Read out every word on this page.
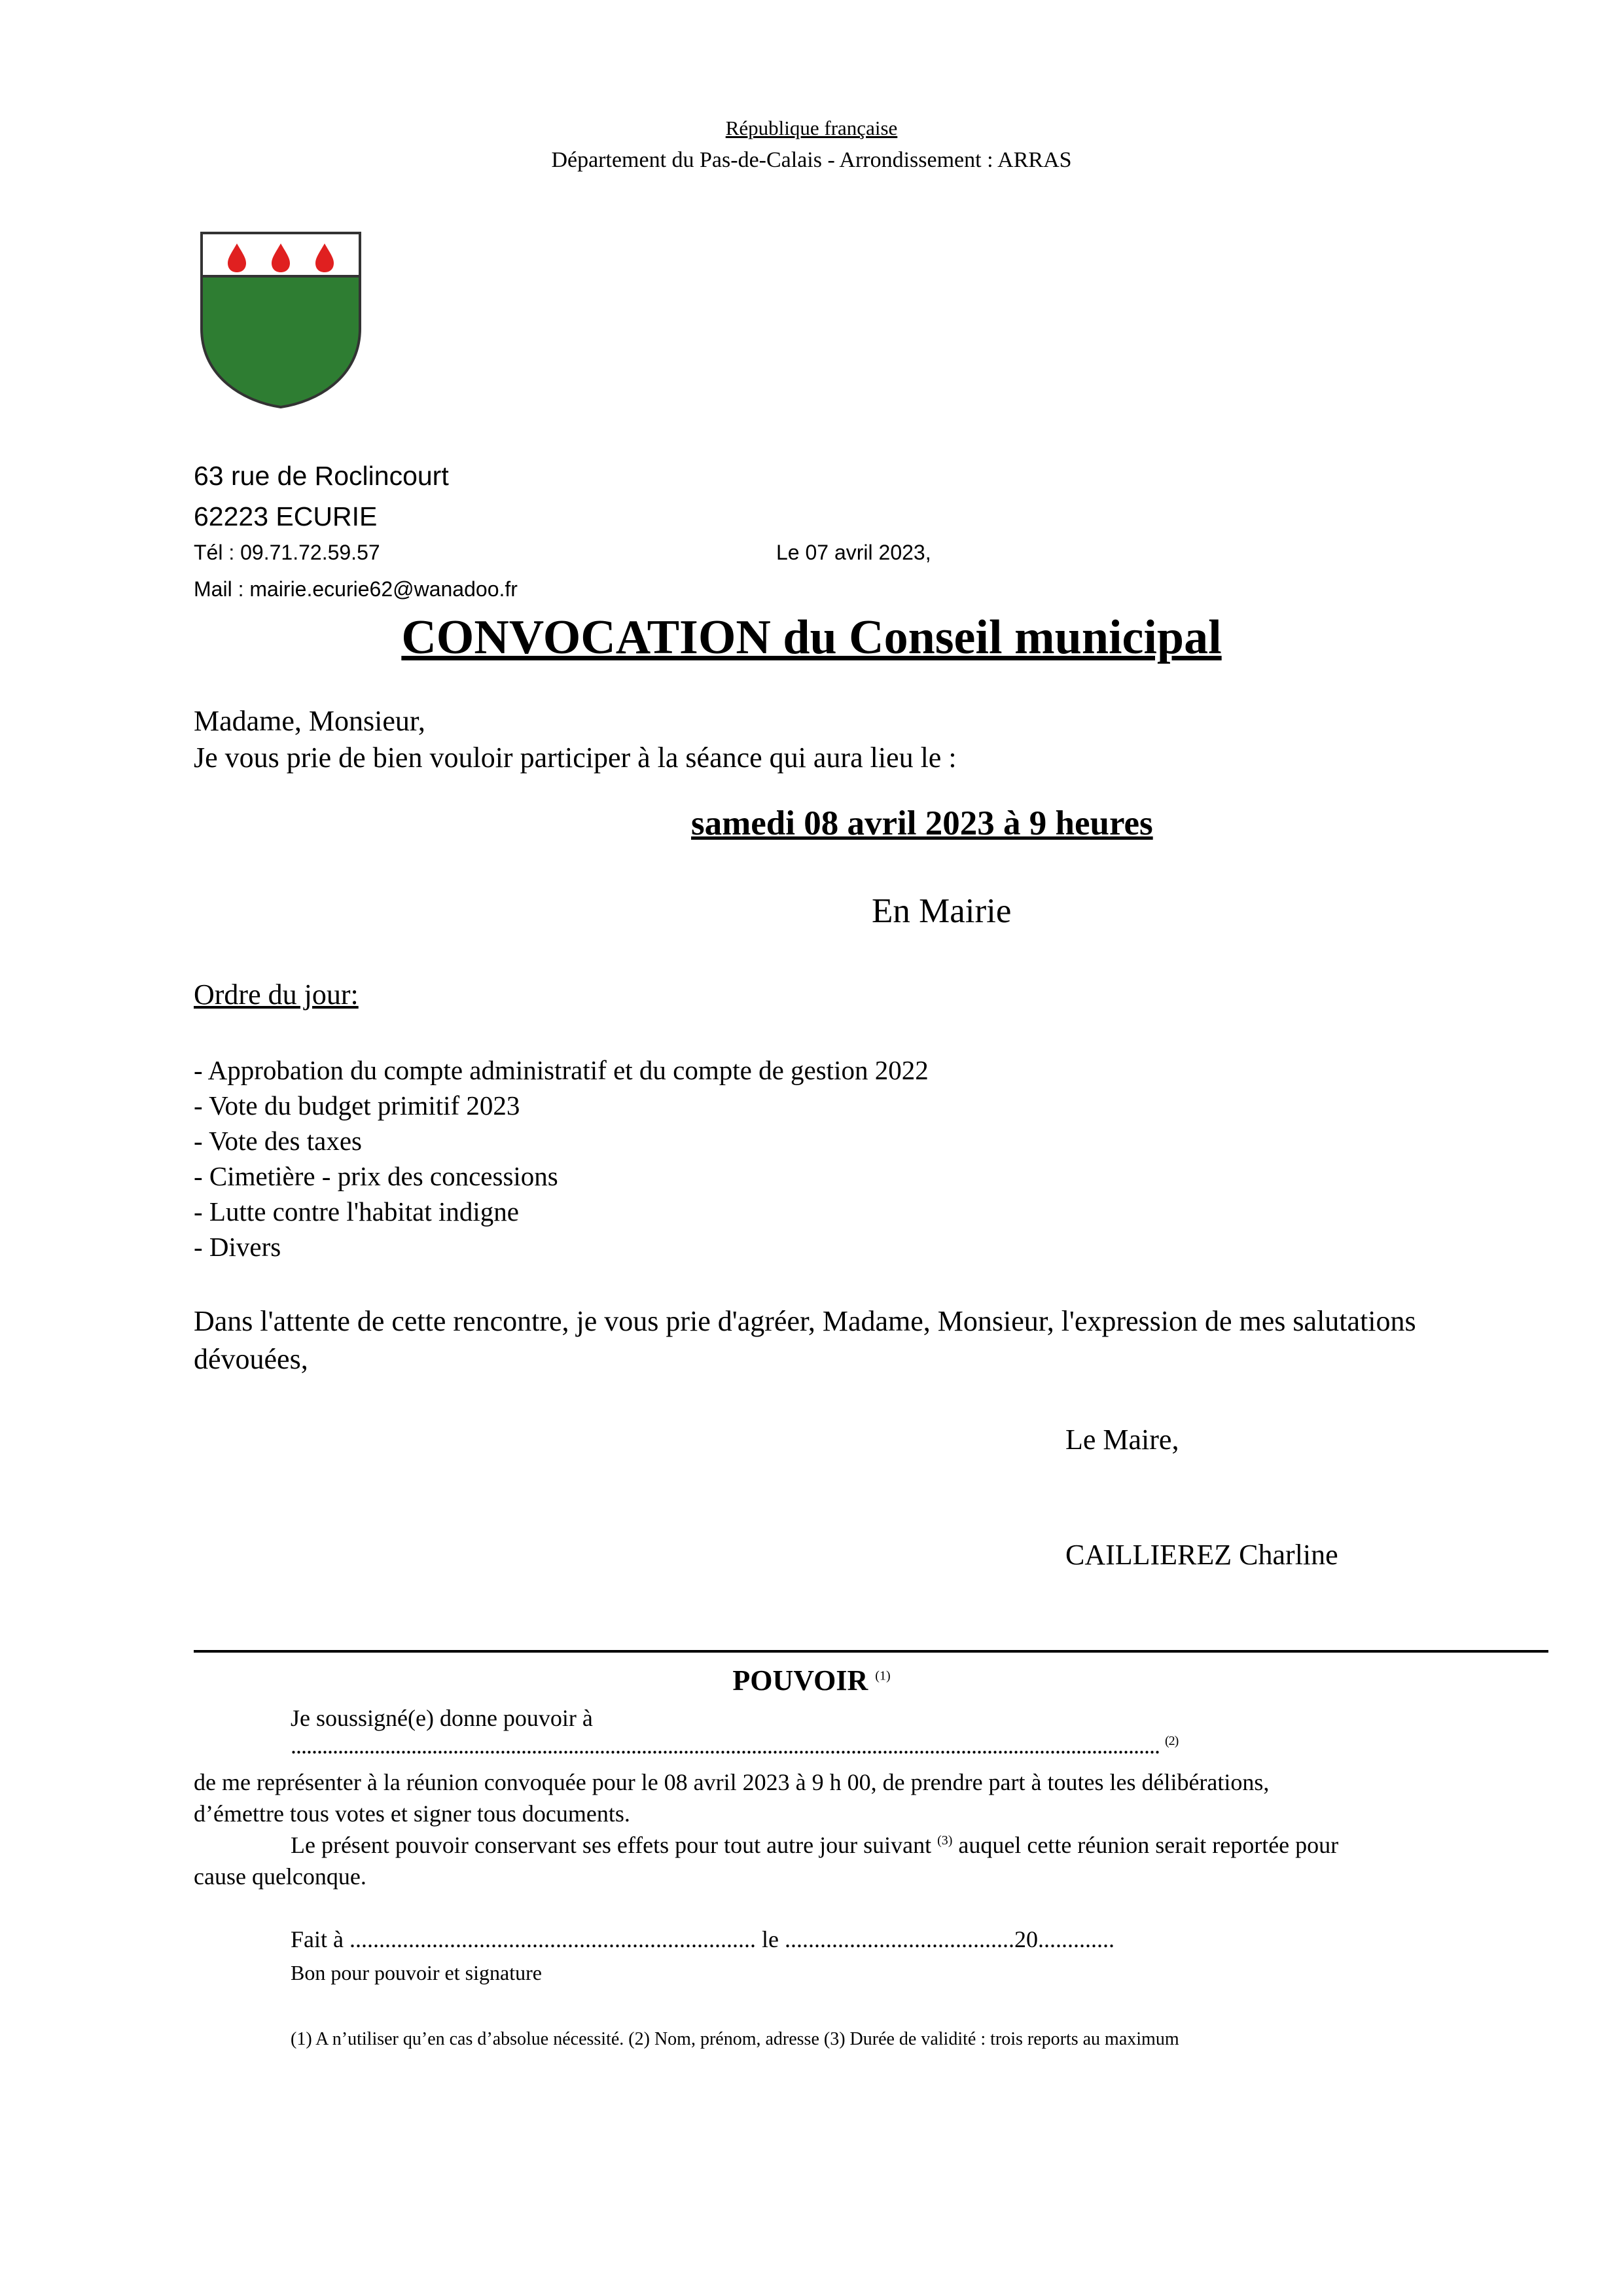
République française
Département du Pas-de-Calais - Arrondissement : ARRAS
63 rue de Roclincourt
62223 ECURIE
Tél : 09.71.72.59.57
Mail : mairie.ecurie62@wanadoo.fr
Le 07 avril 2023,
CONVOCATION du Conseil municipal
Madame, Monsieur,
Je vous prie de bien vouloir participer à la séance qui aura lieu le :
samedi 08 avril 2023 à 9 heures
En Mairie
Ordre du jour:
- Approbation du compte administratif et du compte de gestion 2022
- Vote du budget primitif 2023
- Vote des taxes
- Cimetière - prix des concessions
- Lutte contre l'habitat indigne
- Divers
Dans l'attente de cette rencontre, je vous prie d'agréer, Madame, Monsieur, l'expression de mes salutations dévouées,
Le Maire,
CAILLIEREZ Charline
POUVOIR $^{(1)}$
Je soussigné(e) donne pouvoir à
...................................................................................................................................................................... $^{(2)}$
de me représenter à la réunion convoquée pour le 08 avril 2023 à 9 h 00, de prendre part à toutes les délibérations,
d’émettre tous votes et signer tous documents.
Le présent pouvoir conservant ses effets pour tout autre jour suivant $^{(3)}$ auquel cette réunion serait reportée pour
cause quelconque.
Fait à ..................................................................... le .......................................20.............
Bon pour pouvoir et signature
(1) A n’utiliser qu’en cas d’absolue nécessité. (2) Nom, prénom, adresse (3) Durée de validité : trois reports au maximum
